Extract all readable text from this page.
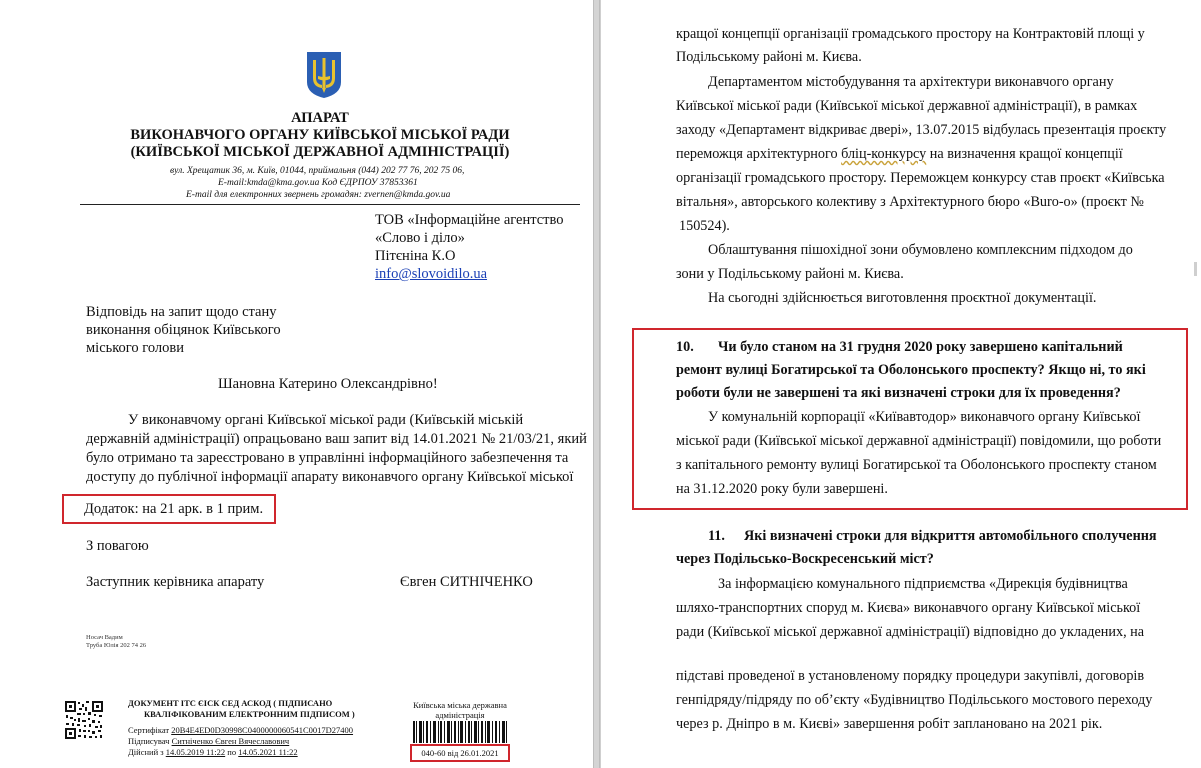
АПАРАТ
ВИКОНАВЧОГО ОРГАНУ КИЇВСЬКОЇ МІСЬКОЇ РАДИ
(КИЇВСЬКОЇ МІСЬКОЇ ДЕРЖАВНОЇ АДМІНІСТРАЦІЇ)
вул. Хрещатик 36, м. Київ, 01044, приймальня (044) 202 77 76, 202 75 06,
E-mail:kmda@kma.gov.ua Код ЄДРПОУ 37853361
E-mail для електронних звернень громадян: zvernen@kmda.gov.ua
ТОВ «Інформаційне агентство
«Слово і діло»
Пітєніна К.О
info@slovoidilo.ua
Відповідь на запит щодо стану
виконання обіцянок Київського
міського голови
Шановна Катерино Олександрівно!
У виконавчому органі Київської міської ради (Київській міській
державній адміністрації) опрацьовано ваш запит від 14.01.2021 № 21/03/21, який
було отримано та зареєстровано в управлінні інформаційного забезпечення та
доступу до публічної інформації апарату виконавчого органу Київської міської
Додаток: на 21 арк. в 1 прим.
З повагою
Заступник керівника апарату	Євген СИТНІЧЕНКО
Носач Вадим
Труба Юлія 202 74 26
ДОКУМЕНТ ІТС ЄІСК СЕД АСКОД ( ПІДПИСАНО
КВАЛІФІКОВАНИМ ЕЛЕКТРОННИМ ПІДПИСОМ )
Сертифікат 20B4E4ED0D30998C0400000060541C0017D27400
Підписувач Ситніченко Євген Вячеславович
Дійсний з 14.05.2019 11:22 по 14.05.2021 11:22
Київська міська державна
адміністрація
040-60 від 26.01.2021
кращої концепції організації громадського простору на Контрактовій площі у
Подільському районі м. Києва.
Департаментом містобудування та архітектури виконавчого органу
Київської міської ради (Київської міської державної адміністрації), в рамках
заходу «Департамент відкриває двері», 13.07.2015 відбулась презентація проєкту
переможця архітектурного бліц-конкурсу на визначення кращої концепції
організації громадського простору. Переможцем конкурсу став проєкт «Київська
вітальня», авторського колективу з Архітектурного бюро «Buro-o» (проєкт №
150524).
Облаштування пішохідної зони обумовлено комплексним підходом до
зони у Подільському районі м. Києва.
На сьогодні здійснюється виготовлення проєктної документації.
10. Чи було станом на 31 грудня 2020 року завершено капітальний
ремонт вулиці Богатирської та Оболонського проспекту? Якщо ні, то які
роботи були не завершені та які визначені строки для їх проведення?
У комунальній корпорації «Київавтодор» виконавчого органу Київської
міської ради (Київської міської державної адміністрації) повідомили, що роботи
з капітального ремонту вулиці Богатирської та Оболонського проспекту станом
на 31.12.2020 року були завершені.
11. Які визначені строки для відкриття автомобільного сполучення
через Подільсько-Воскресенський міст?
За інформацією комунального підприємства «Дирекція будівництва
шляхо-транспортних споруд м. Києва» виконавчого органу Київської міської
ради (Київської міської державної адміністрації) відповідно до укладених, на
підставі проведеної в установленому порядку процедури закупівлі, договорів
генпідряду/підряду по об’єкту «Будівництво Подільського мостового переходу
через р. Дніпро в м. Києві» завершення робіт заплановано на 2021 рік.
